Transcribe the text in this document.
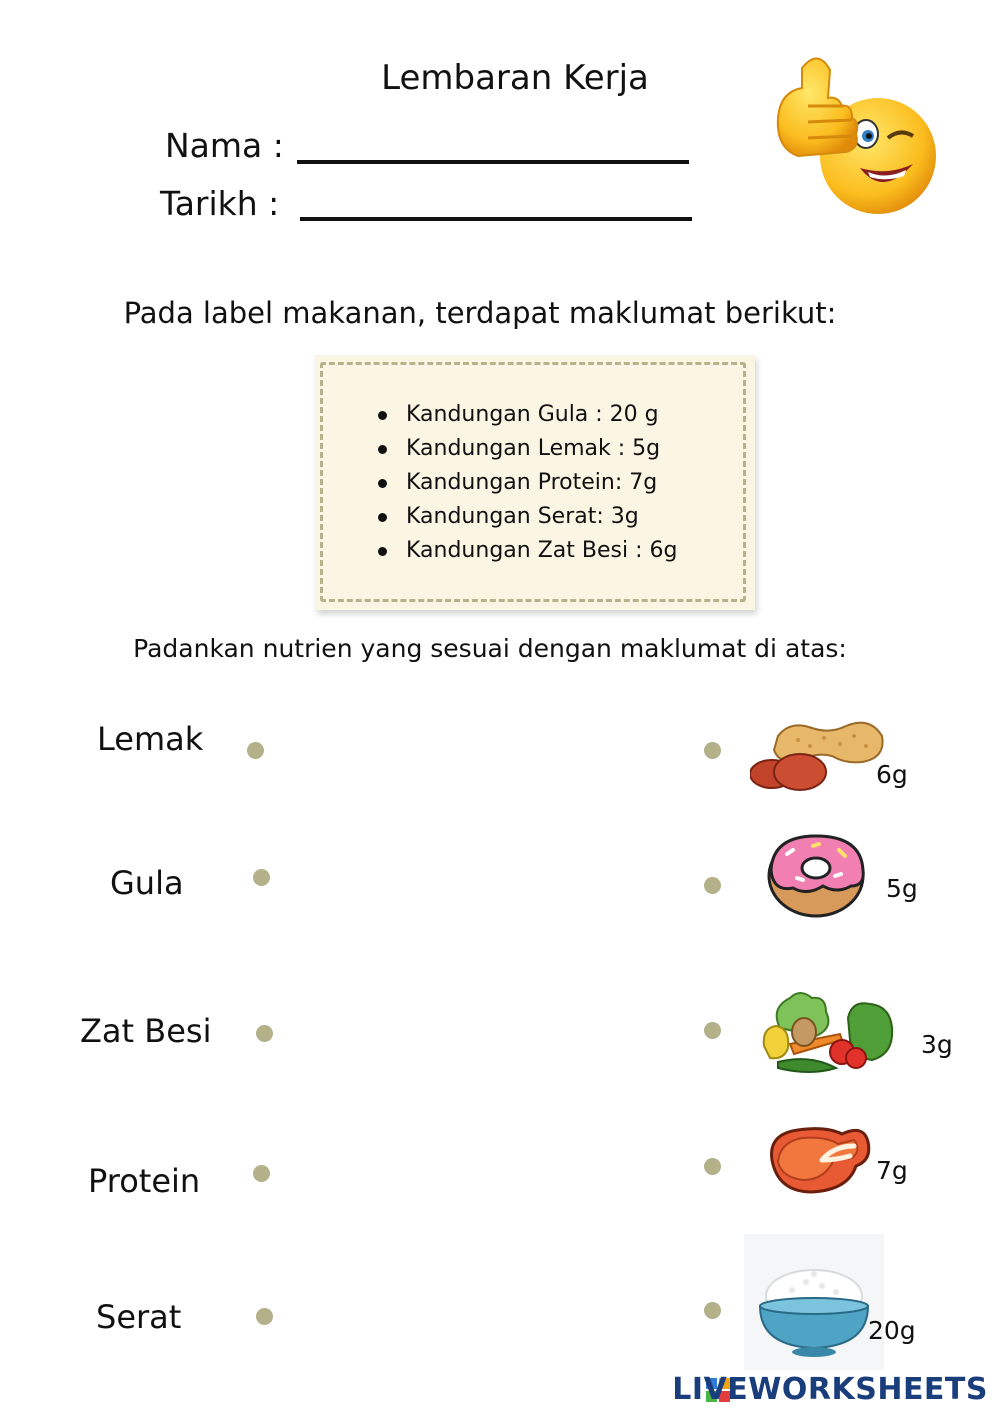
Lembaran Kerja
Nama :
Tarikh :
Pada label makanan, terdapat maklumat berikut:
Kandungan Gula : 20 g
Kandungan Lemak : 5g
Kandungan Protein: 7g
Kandungan Serat: 3g
Kandungan Zat Besi : 6g
Padankan nutrien yang sesuai dengan maklumat di atas:
Lemak
Gula
Zat Besi
Protein
Serat
6g
5g
3g
7g
20g
LIVEWORKSHEETS
